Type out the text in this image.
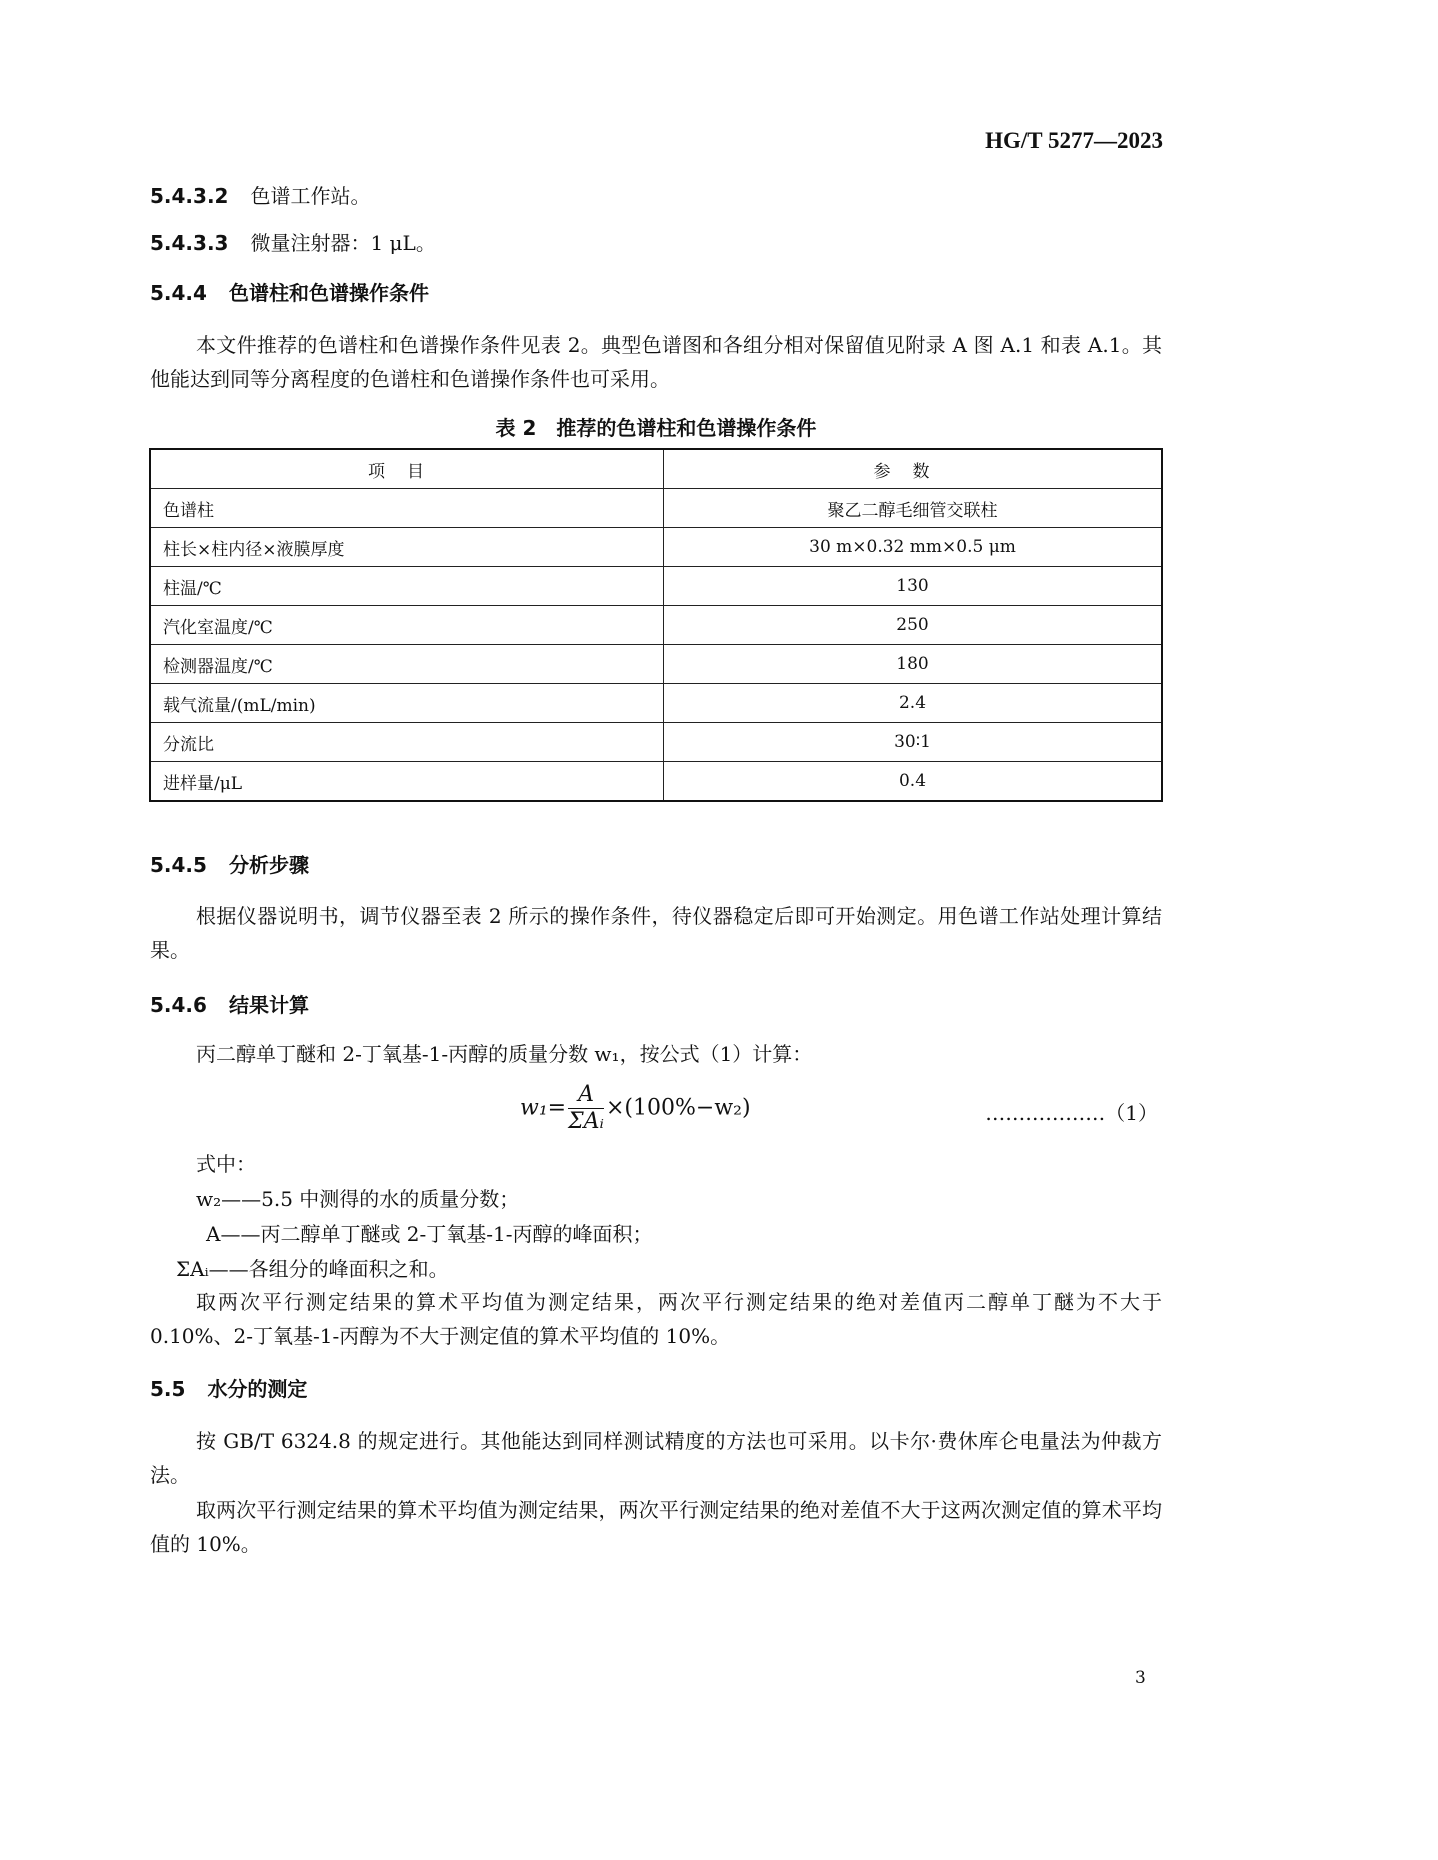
HG/T 5277—2023
5.4.3.2 色谱工作站。
5.4.3.3 微量注射器：1 μL。
5.4.4 色谱柱和色谱操作条件
本文件推荐的色谱柱和色谱操作条件见表 2。典型色谱图和各组分相对保留值见附录 A 图 A.1 和表 A.1。其他能达到同等分离程度的色谱柱和色谱操作条件也可采用。
表 2　推荐的色谱柱和色谱操作条件
项目	参数
色谱柱	聚乙二醇毛细管交联柱
柱长×柱内径×液膜厚度	30 m×0.32 mm×0.5 μm
柱温/℃	130
汽化室温度/℃	250
检测器温度/℃	180
载气流量/(mL/min)	2.4
分流比	30∶1
进样量/μL	0.4
5.4.5 分析步骤
根据仪器说明书，调节仪器至表 2 所示的操作条件，待仪器稳定后即可开始测定。用色谱工作站处理计算结果。
5.4.6 结果计算
丙二醇单丁醚和 2-丁氧基-1-丙醇的质量分数 w₁，按公式（1）计算：
$w_1= \frac{A}{\text{ΣAᵢ}} \times(100\%-w_2)$	………………（1）
式中：
w₂——5.5 中测得的水的质量分数；
A——丙二醇单丁醚或 2-丁氧基-1-丙醇的峰面积；
ΣAᵢ——各组分的峰面积之和。
取两次平行测定结果的算术平均值为测定结果，两次平行测定结果的绝对差值丙二醇单丁醚为不大于 0.10%、2-丁氧基-1-丙醇为不大于测定值的算术平均值的 10%。
5.5 水分的测定
按 GB/T 6324.8 的规定进行。其他能达到同样测试精度的方法也可采用。以卡尔·费休库仑电量法为仲裁方法。
取两次平行测定结果的算术平均值为测定结果，两次平行测定结果的绝对差值不大于这两次测定值的算术平均值的 10%。
3
